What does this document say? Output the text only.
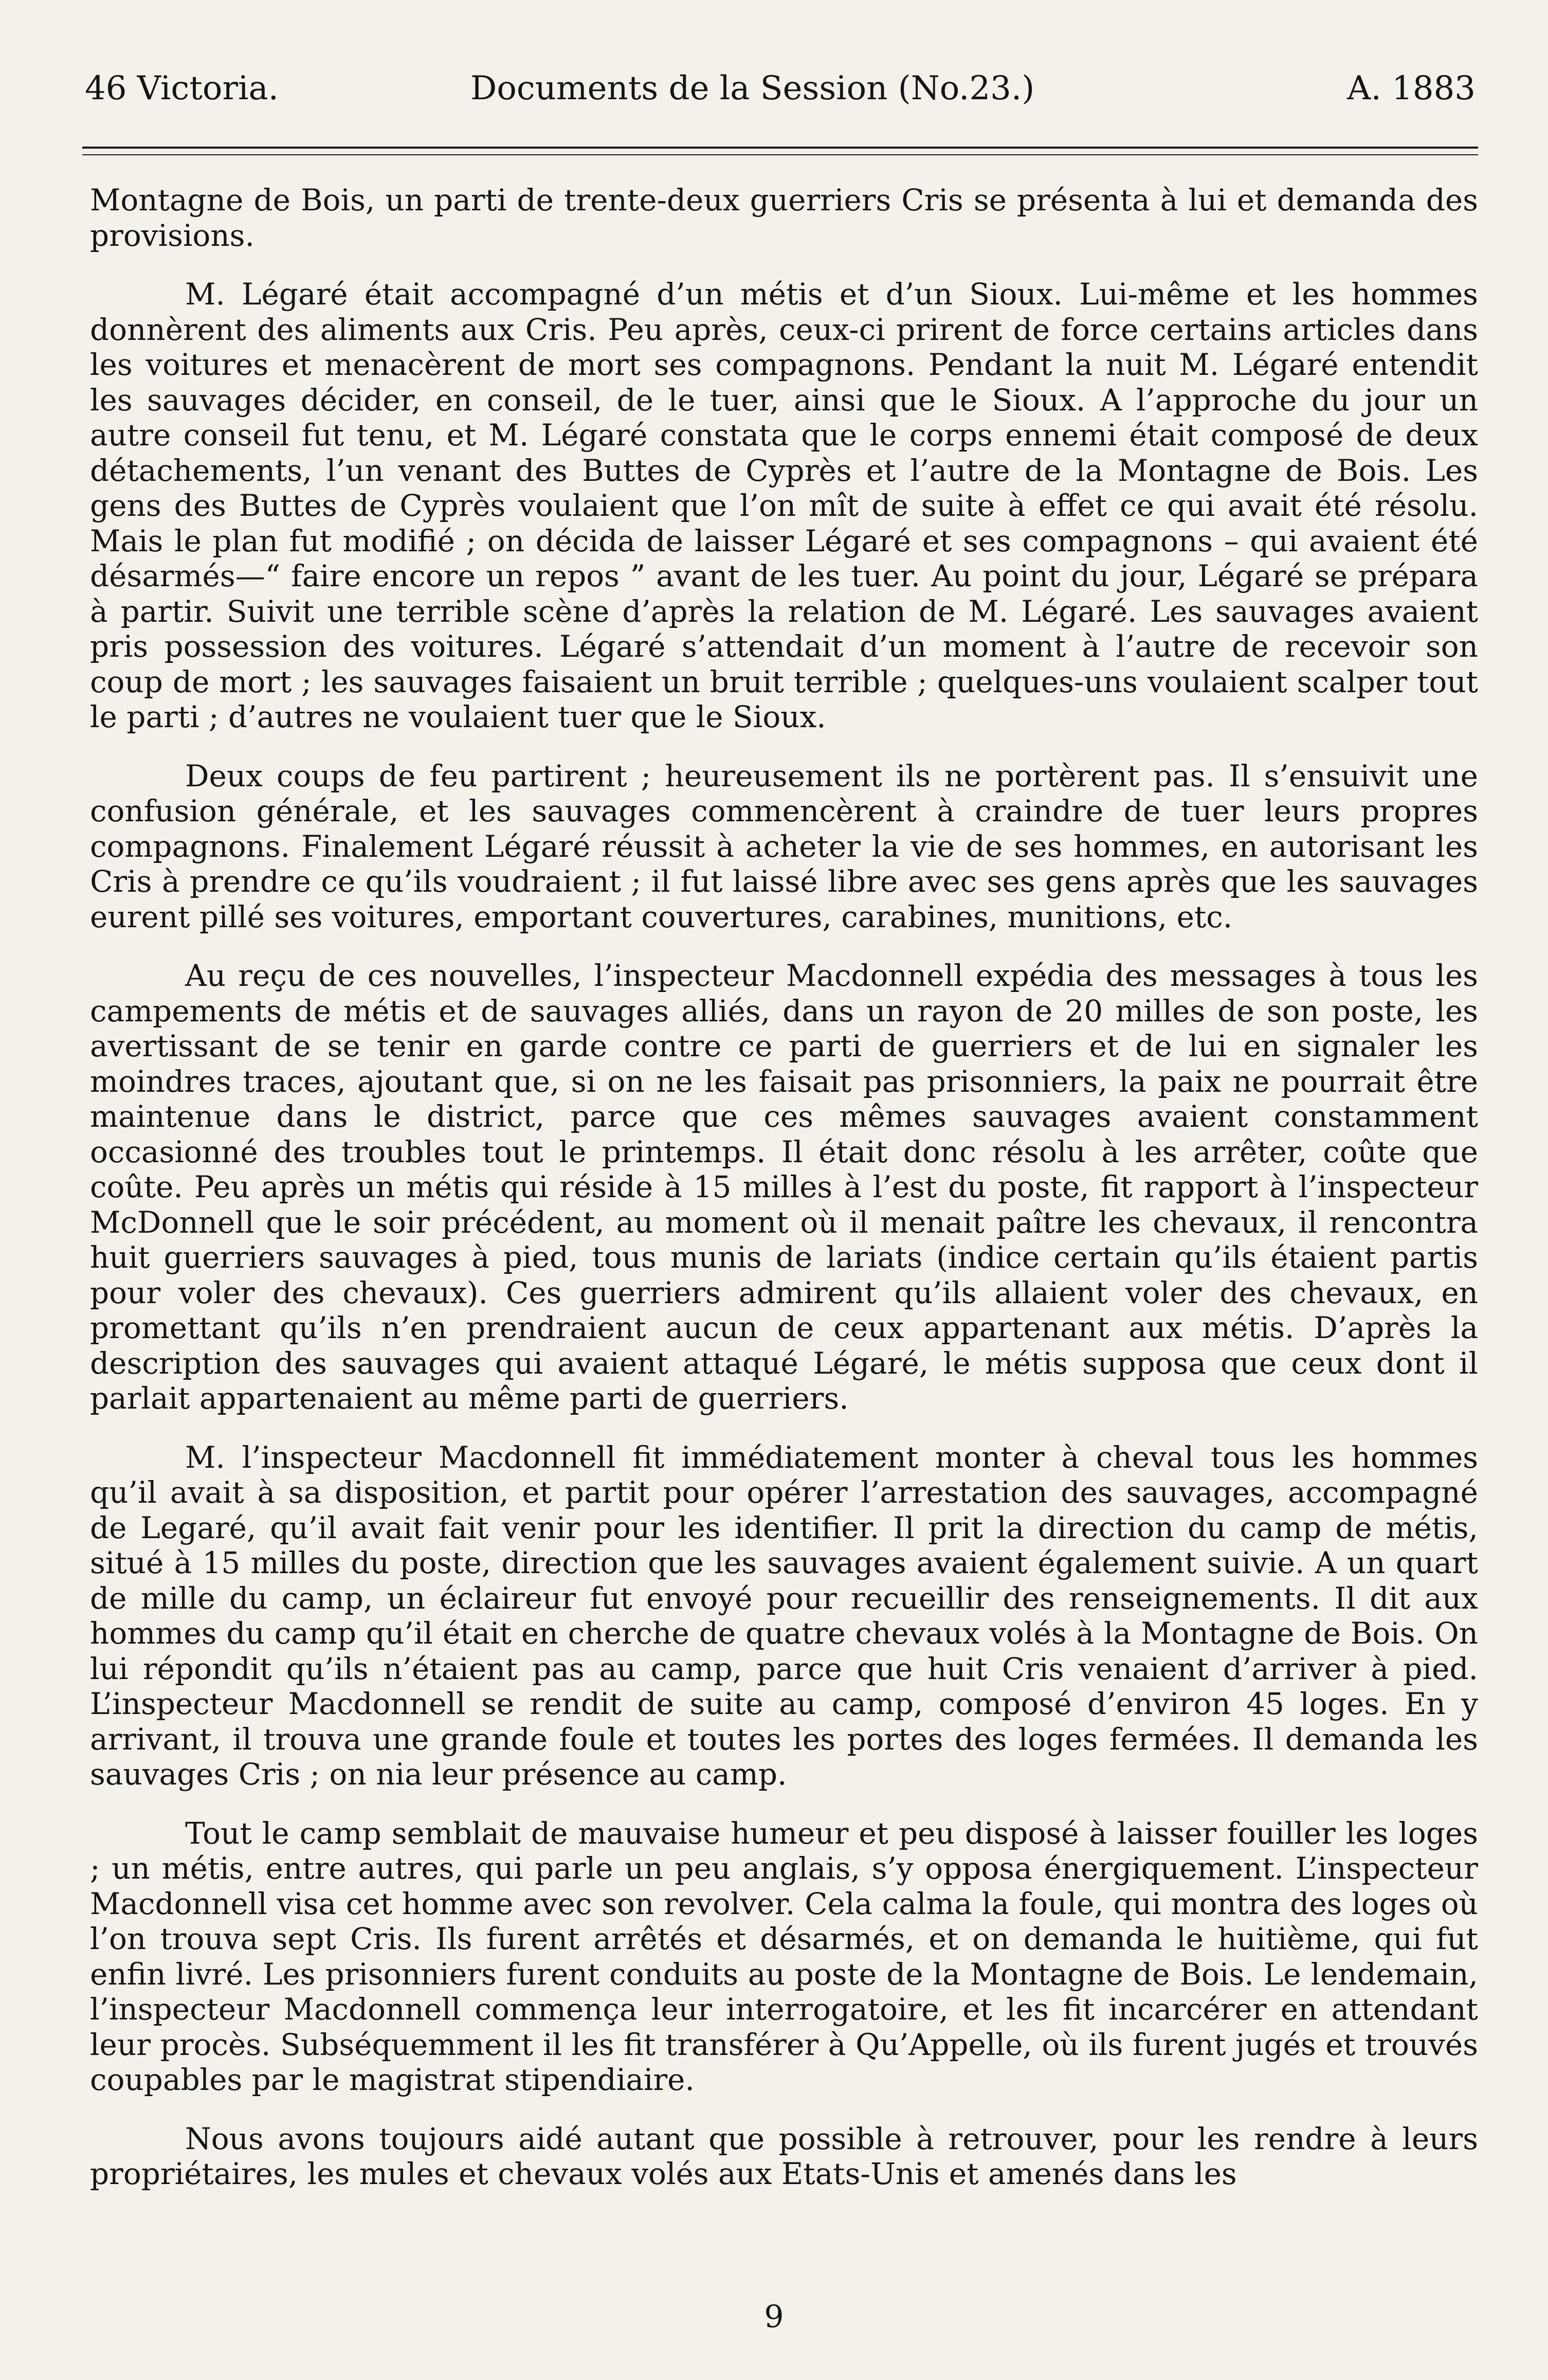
46 Victoria.	Documents de la Session (No.23.)	A. 1883

Montagne de Bois, un parti de trente-deux guerriers Cris se présenta à lui et demanda des provisions.

M. Légaré était accompagné d’un métis et d’un Sioux. Lui-même et les hommes donnèrent des aliments aux Cris. Peu après, ceux-ci prirent de force certains articles dans les voitures et menacèrent de mort ses compagnons. Pendant la nuit M. Légaré entendit les sauvages décider, en conseil, de le tuer, ainsi que le Sioux. A l’approche du jour un autre conseil fut tenu, et M. Légaré constata que le corps ennemi était composé de deux détachements, l’un venant des Buttes de Cyprès et l’autre de la Montagne de Bois. Les gens des Buttes de Cyprès voulaient que l’on mît de suite à effet ce qui avait été résolu. Mais le plan fut modifié ; on décida de laisser Légaré et ses compagnons – qui avaient été désarmés—“ faire encore un repos ” avant de les tuer. Au point du jour, Légaré se prépara à partir. Suivit une terrible scène d’après la relation de M. Légaré. Les sauvages avaient pris possession des voitures. Légaré s’attendait d’un moment à l’autre de recevoir son coup de mort ; les sauvages faisaient un bruit terrible ; quelques-uns voulaient scalper tout le parti ; d’autres ne voulaient tuer que le Sioux.

Deux coups de feu partirent ; heureusement ils ne portèrent pas. Il s’ensuivit une confusion générale, et les sauvages commencèrent à craindre de tuer leurs propres compagnons. Finalement Légaré réussit à acheter la vie de ses hommes, en autorisant les Cris à prendre ce qu’ils voudraient ; il fut laissé libre avec ses gens après que les sauvages eurent pillé ses voitures, emportant couvertures, carabines, munitions, etc.

Au reçu de ces nouvelles, l’inspecteur Macdonnell expédia des messages à tous les campements de métis et de sauvages alliés, dans un rayon de 20 milles de son poste, les avertissant de se tenir en garde contre ce parti de guerriers et de lui en signaler les moindres traces, ajoutant que, si on ne les faisait pas prisonniers, la paix ne pourrait être maintenue dans le district, parce que ces mêmes sauvages avaient constamment occasionné des troubles tout le printemps. Il était donc résolu à les arrêter, coûte que coûte. Peu après un métis qui réside à 15 milles à l’est du poste, fit rapport à l’inspecteur McDonnell que le soir précédent, au moment où il menait paître les chevaux, il rencontra huit guerriers sauvages à pied, tous munis de lariats (indice certain qu’ils étaient partis pour voler des chevaux). Ces guerriers admirent qu’ils allaient voler des chevaux, en promettant qu’ils n’en prendraient aucun de ceux appartenant aux métis. D’après la description des sauvages qui avaient attaqué Légaré, le métis supposa que ceux dont il parlait appartenaient au même parti de guerriers.

M. l’inspecteur Macdonnell fit immédiatement monter à cheval tous les hommes qu’il avait à sa disposition, et partit pour opérer l’arrestation des sauvages, accompagné de Legaré, qu’il avait fait venir pour les identifier. Il prit la direction du camp de métis, situé à 15 milles du poste, direction que les sauvages avaient également suivie. A un quart de mille du camp, un éclaireur fut envoyé pour recueillir des renseignements. Il dit aux hommes du camp qu’il était en cherche de quatre chevaux volés à la Montagne de Bois. On lui répondit qu’ils n’étaient pas au camp, parce que huit Cris venaient d’arriver à pied. L’inspecteur Macdonnell se rendit de suite au camp, composé d’environ 45 loges. En y arrivant, il trouva une grande foule et toutes les portes des loges fermées. Il demanda les sauvages Cris ; on nia leur présence au camp.

Tout le camp semblait de mauvaise humeur et peu disposé à laisser fouiller les loges ; un métis, entre autres, qui parle un peu anglais, s’y opposa énergiquement. L’inspecteur Macdonnell visa cet homme avec son revolver. Cela calma la foule, qui montra des loges où l’on trouva sept Cris. Ils furent arrêtés et désarmés, et on demanda le huitième, qui fut enfin livré. Les prisonniers furent conduits au poste de la Montagne de Bois. Le lendemain, l’inspecteur Macdonnell commença leur interrogatoire, et les fit incarcérer en attendant leur procès. Subséquemment il les fit transférer à Qu’Appelle, où ils furent jugés et trouvés coupables par le magistrat stipendiaire.

Nous avons toujours aidé autant que possible à retrouver, pour les rendre à leurs propriétaires, les mules et chevaux volés aux Etats-Unis et amenés dans les

9
